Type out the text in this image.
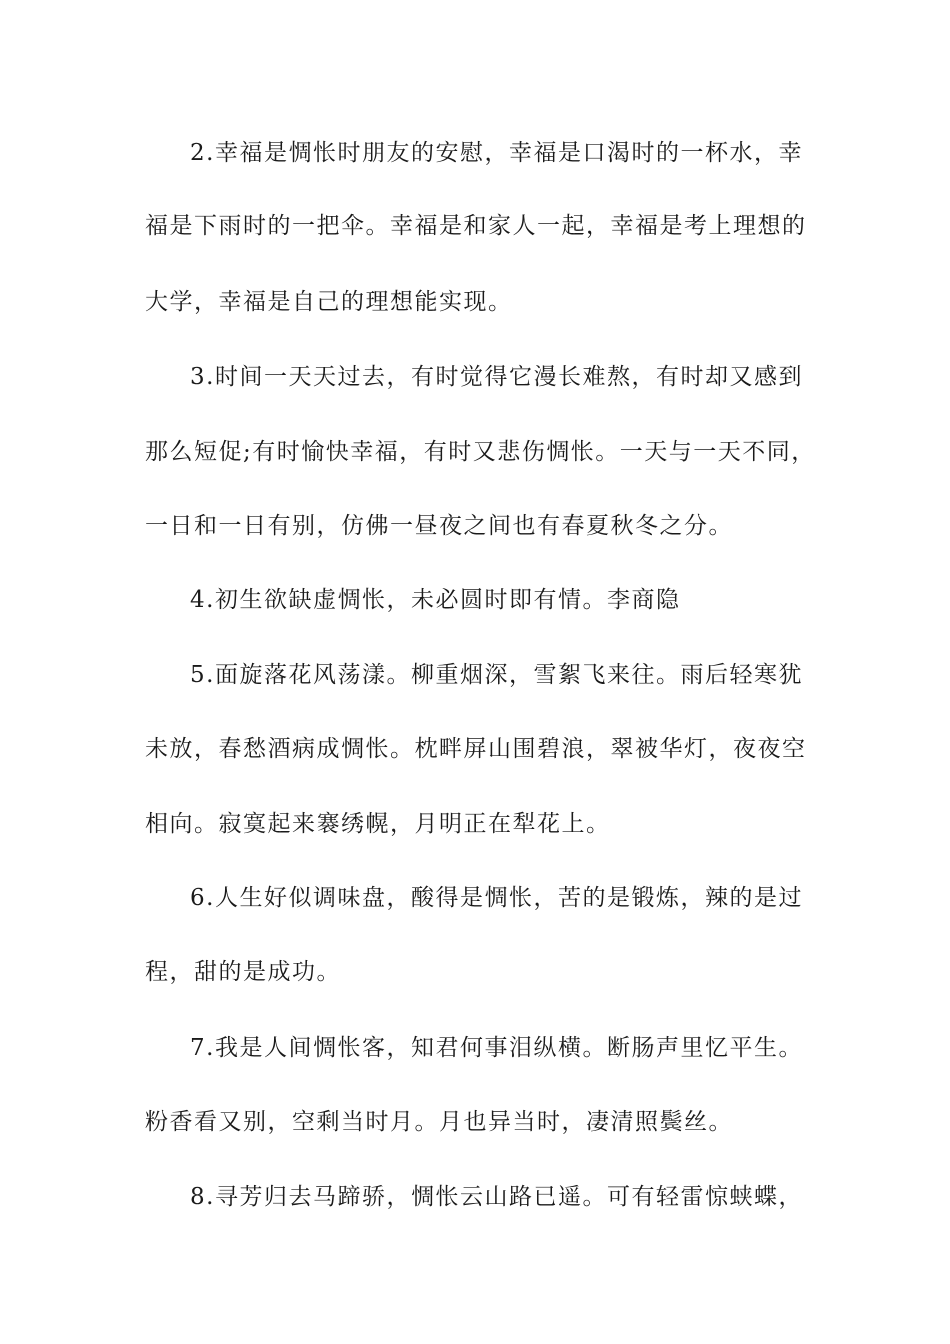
2.幸福是惆怅时朋友的安慰，幸福是口渴时的一杯水，幸
福是下雨时的一把伞。幸福是和家人一起，幸福是考上理想的
大学，幸福是自己的理想能实现。
3.时间一天天过去，有时觉得它漫长难熬，有时却又感到
那么短促;有时愉快幸福，有时又悲伤惆怅。一天与一天不同，
一日和一日有别，仿佛一昼夜之间也有春夏秋冬之分。
4.初生欲缺虚惆怅，未必圆时即有情。李商隐
5.面旋落花风荡漾。柳重烟深，雪絮飞来往。雨后轻寒犹
未放，春愁酒病成惆怅。枕畔屏山围碧浪，翠被华灯，夜夜空
相向。寂寞起来褰绣幌，月明正在犁花上。
6.人生好似调味盘，酸得是惆怅，苦的是锻炼，辣的是过
程，甜的是成功。
7.我是人间惆怅客，知君何事泪纵横。断肠声里忆平生。
粉香看又别，空剩当时月。月也异当时，凄清照鬓丝。
8.寻芳归去马蹄骄，惆怅云山路已遥。可有轻雷惊蛱蝶，
